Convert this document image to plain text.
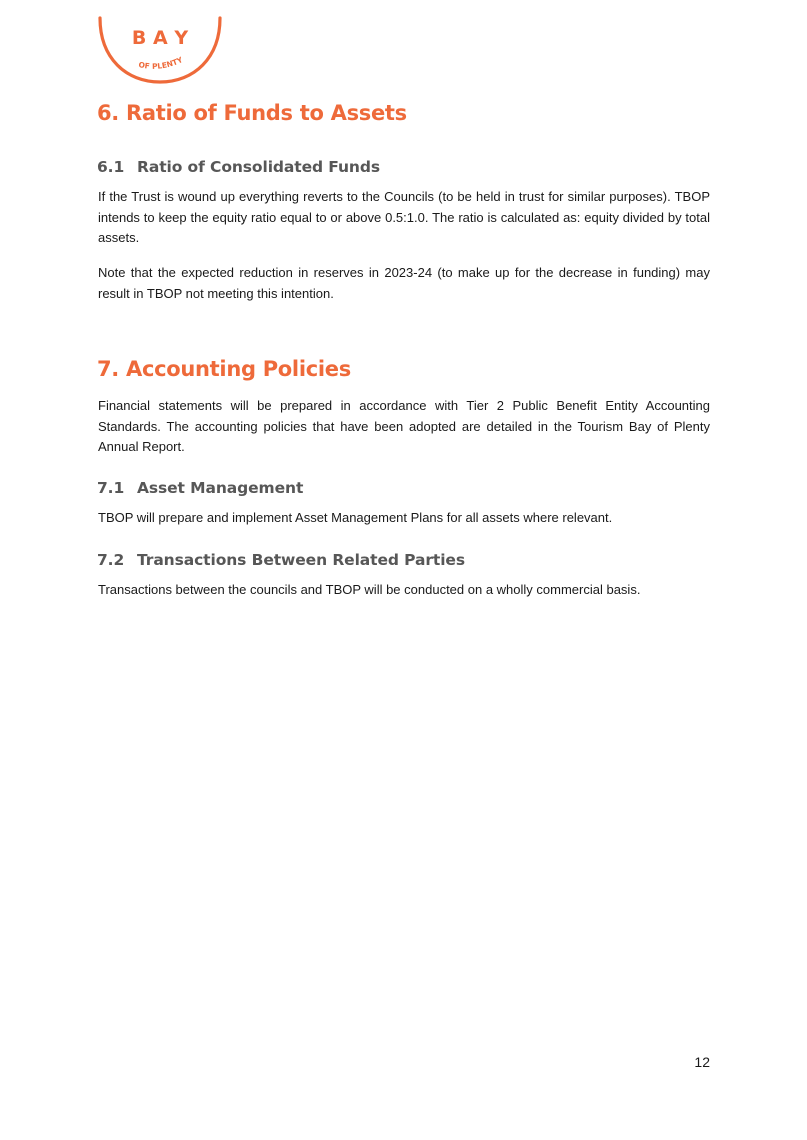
B A Y
OF PLENTY
6. Ratio of Funds to Assets
6.1 Ratio of Consolidated Funds

If the Trust is wound up everything reverts to the Councils (to be held in trust for similar purposes). TBOP intends to keep the equity ratio equal to or above 0.5:1.0. The ratio is calculated as: equity divided by total assets.

Note that the expected reduction in reserves in 2023-24 (to make up for the decrease in funding) may result in TBOP not meeting this intention.

7. Accounting Policies

Financial statements will be prepared in accordance with Tier 2 Public Benefit Entity Accounting Standards. The accounting policies that have been adopted are detailed in the Tourism Bay of Plenty Annual Report.

7.1 Asset Management

TBOP will prepare and implement Asset Management Plans for all assets where relevant.

7.2 Transactions Between Related Parties

Transactions between the councils and TBOP will be conducted on a wholly commercial basis.

12
